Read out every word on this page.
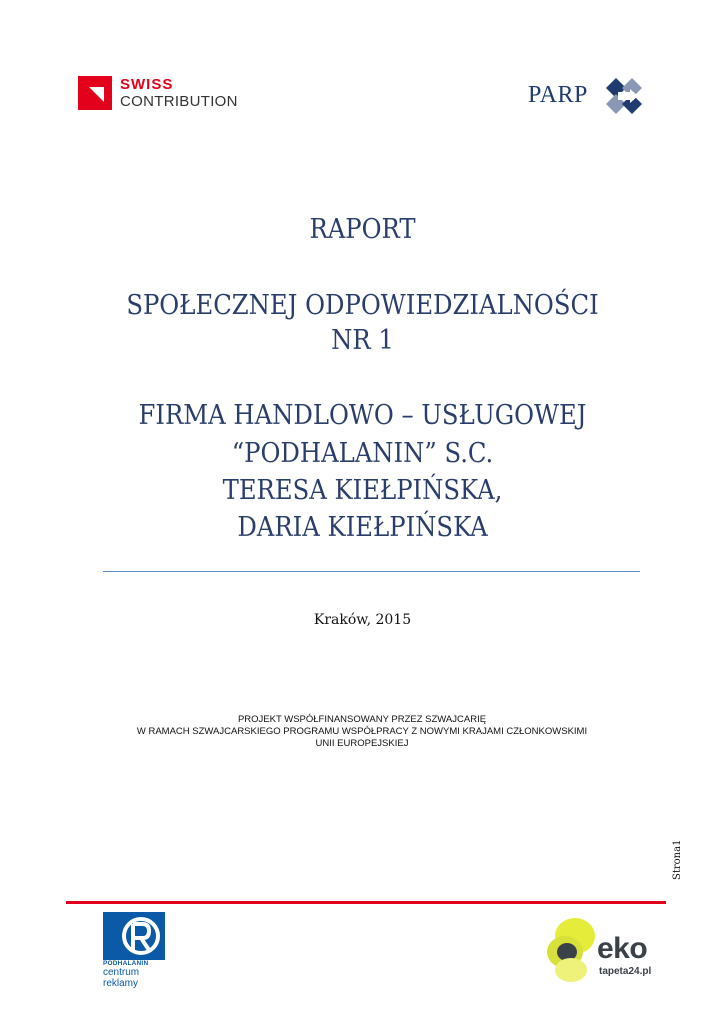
SWISS
CONTRIBUTION	PARP
RAPORT
SPOŁECZNEJ ODPOWIEDZIALNOŚCI
NR 1
FIRMA HANDLOWO – USŁUGOWEJ
“PODHALANIN” S.C.
TERESA KIEŁPIŃSKA,
DARIA KIEŁPIŃSKA
Kraków, 2015
PROJEKT WSPÓŁFINANSOWANY PRZEZ SZWAJCARIĘ
W RAMACH SZWAJCARSKIEGO PROGRAMU WSPÓŁPRACY Z NOWYMI KRAJAMI CZŁONKOWSKIMI
UNII EUROPEJSKIEJ
Strona1
PODHALANIN
centrum
reklamy
eko
tapeta24.pl
